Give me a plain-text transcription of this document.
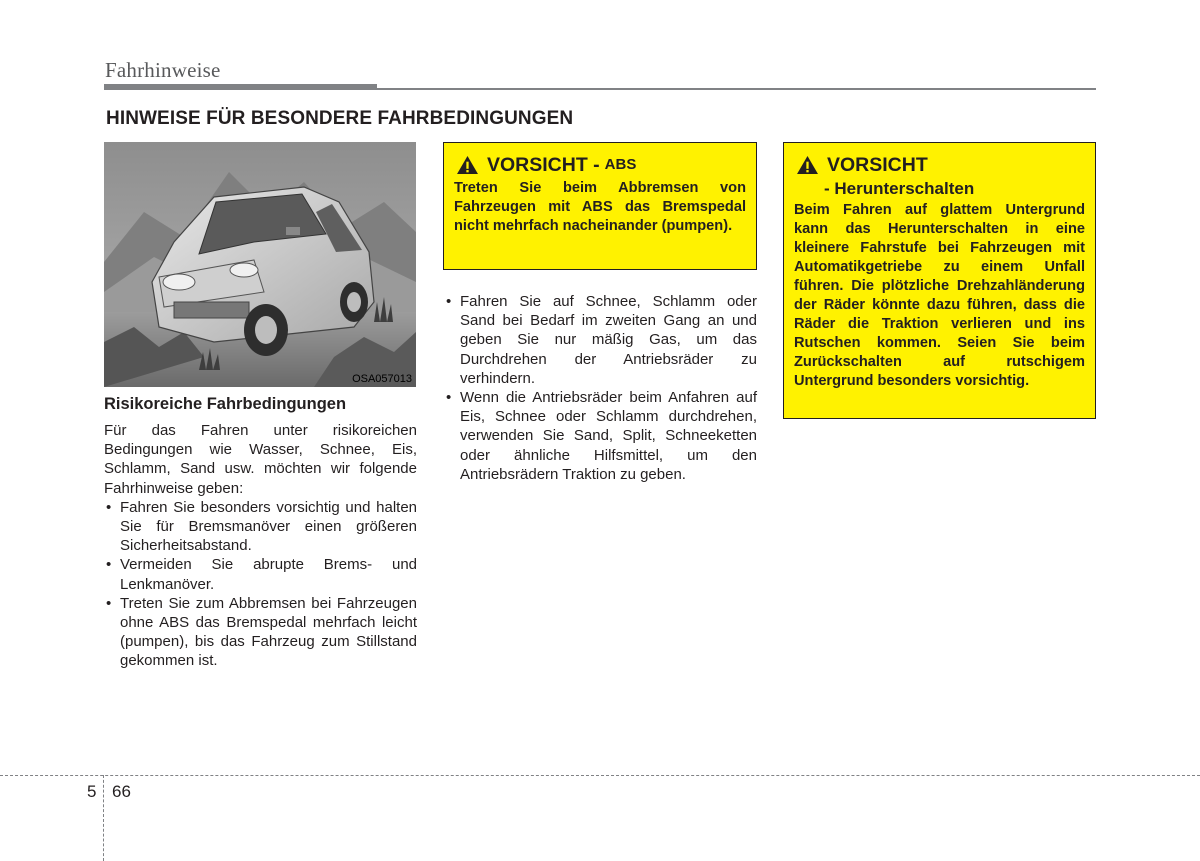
Fahrhinweise
HINWEISE FÜR BESONDERE FAHRBEDINGUNGEN
OSA057013
Risikoreiche Fahrbedingungen

Für das Fahren unter risikoreichen Bedingungen wie Wasser, Schnee, Eis, Schlamm, Sand usw. möchten wir folgende Fahrhinweise geben:

• Fahren Sie besonders vorsichtig und halten Sie für Bremsmanöver einen größeren Sicherheitsabstand.
• Vermeiden Sie abrupte Brems- und Lenkmanöver.
• Treten Sie zum Abbremsen bei Fahrzeugen ohne ABS das Bremspedal mehrfach leicht (pumpen), bis das Fahrzeug zum Stillstand gekommen ist.
VORSICHT - ABS
Treten Sie beim Abbremsen von Fahrzeugen mit ABS das Bremspedal nicht mehrfach nacheinander (pumpen).
• Fahren Sie auf Schnee, Schlamm oder Sand bei Bedarf im zweiten Gang an und geben Sie nur mäßig Gas, um das Durchdrehen der Antriebsräder zu verhindern.
• Wenn die Antriebsräder beim Anfahren auf Eis, Schnee oder Schlamm durchdrehen, verwenden Sie Sand, Split, Schneeketten oder ähnliche Hilfsmittel, um den Antriebsrädern Traktion zu geben.
VORSICHT
- Herunterschalten
Beim Fahren auf glattem Untergrund kann das Herunterschalten in eine kleinere Fahrstufe bei Fahrzeugen mit Automatikgetriebe zu einem Unfall führen. Die plötzliche Drehzahländerung der Räder könnte dazu führen, dass die Räder die Traktion verlieren und ins Rutschen kommen. Seien Sie beim Zurückschalten auf rutschigem Untergrund besonders vorsichtig.
5 66
